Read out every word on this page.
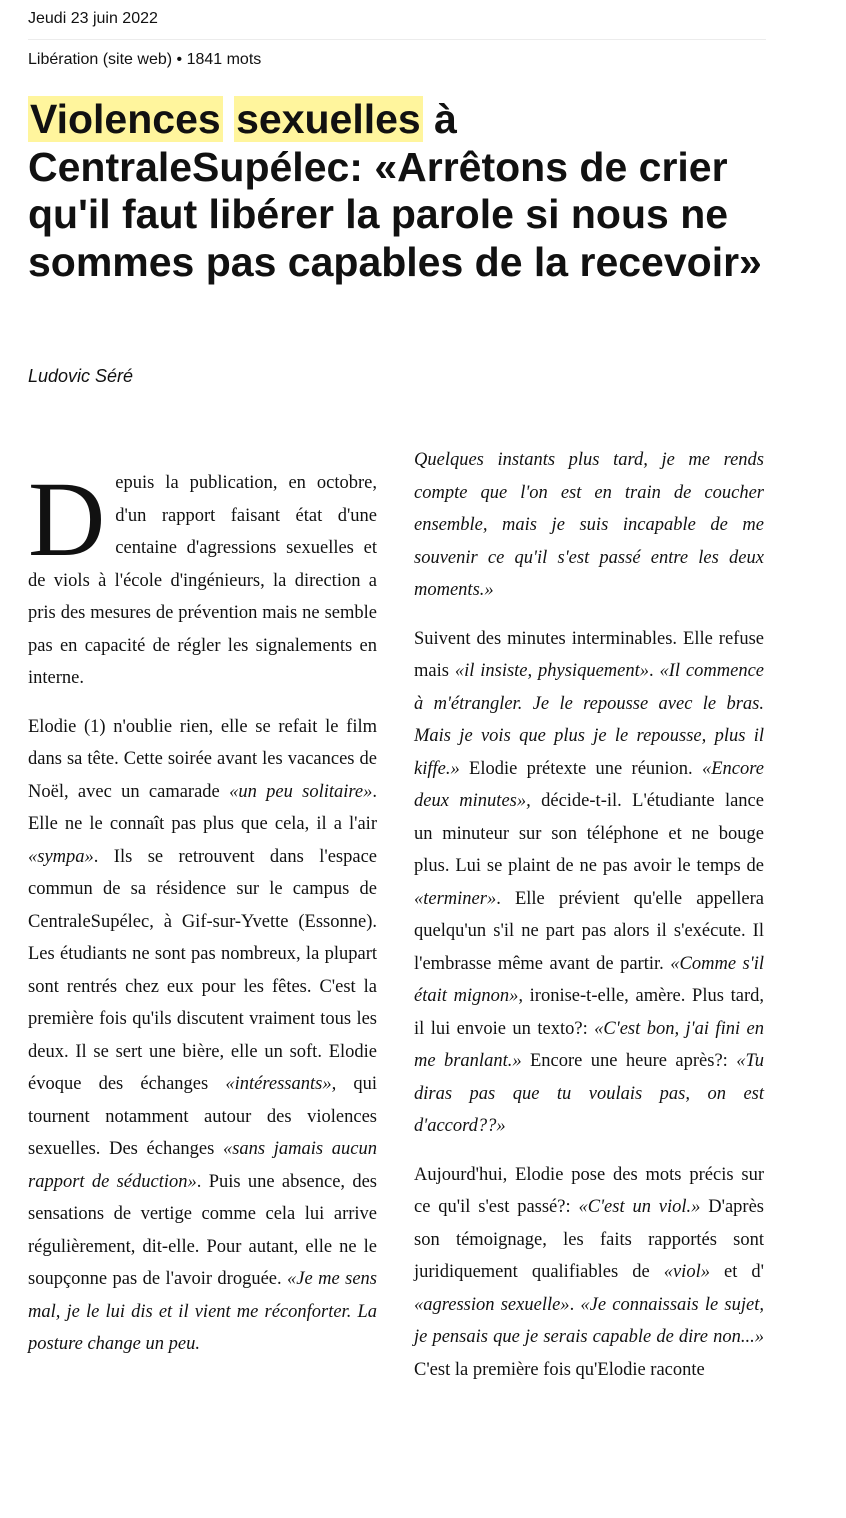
Jeudi 23 juin 2022
Libération (site web) • 1841 mots
Violences sexuelles à CentraleSupélec: «Arrêtons de crier qu'il faut libérer la parole si nous ne sommes pas capables de la recevoir»
Ludovic Séré

Depuis la publication, en octobre, d'un rapport faisant état d'une centaine d'agressions sexuelles et de viols à l'école d'ingénieurs, la direction a pris des mesures de prévention mais ne semble pas en capacité de régler les signalements en interne.

Elodie (1) n'oublie rien, elle se refait le film dans sa tête. Cette soirée avant les vacances de Noël, avec un camarade «un peu solitaire». Elle ne le connaît pas plus que cela, il a l'air «sympa». Ils se retrouvent dans l'espace commun de sa résidence sur le campus de CentraleSupélec, à Gif-sur-Yvette (Essonne). Les étudiants ne sont pas nombreux, la plupart sont rentrés chez eux pour les fêtes. C'est la première fois qu'ils discutent vraiment tous les deux. Il se sert une bière, elle un soft. Elodie évoque des échanges «intéressants», qui tournent notamment autour des violences sexuelles. Des échanges «sans jamais aucun rapport de séduction». Puis une absence, des sensations de vertige comme cela lui arrive régulièrement, dit-elle. Pour autant, elle ne le soupçonne pas de l'avoir droguée. «Je me sens mal, je le lui dis et il vient me réconforter. La posture change un peu.

Quelques instants plus tard, je me rends compte que l'on est en train de coucher ensemble, mais je suis incapable de me souvenir ce qu'il s'est passé entre les deux moments.»

Suivent des minutes interminables. Elle refuse mais «il insiste, physiquement». «Il commence à m'étrangler. Je le repousse avec le bras. Mais je vois que plus je le repousse, plus il kiffe.» Elodie prétexte une réunion. «Encore deux minutes», décide-t-il. L'étudiante lance un minuteur sur son téléphone et ne bouge plus. Lui se plaint de ne pas avoir le temps de «terminer». Elle prévient qu'elle appellera quelqu'un s'il ne part pas alors il s'exécute. Il l'embrasse même avant de partir. «Comme s'il était mignon», ironise-t-elle, amère. Plus tard, il lui envoie un texto?: «C'est bon, j'ai fini en me branlant.» Encore une heure après?: «Tu diras pas que tu voulais pas, on est d'accord??»

Aujourd'hui, Elodie pose des mots précis sur ce qu'il s'est passé?: «C'est un viol.» D'après son témoignage, les faits rapportés sont juridiquement qualifiables de «viol» et d' «agression sexuelle». «Je connaissais le sujet, je pensais que je serais capable de dire non...» C'est la première fois qu'Elodie raconte
